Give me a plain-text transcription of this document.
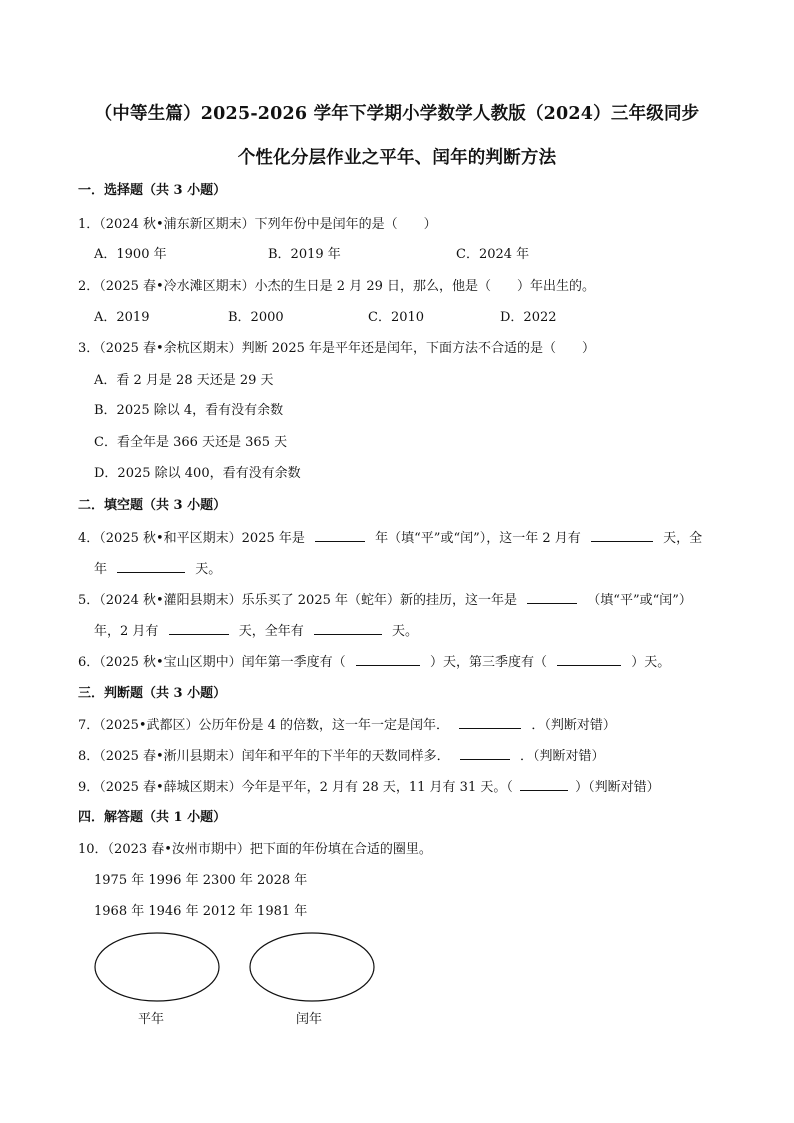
（中等生篇）2025-2026 学年下学期小学数学人教版（2024）三年级同步
个性化分层作业之平年、闰年的判断方法
一．选择题（共 3 小题）
1．（2024 秋•浦东新区期末）下列年份中是闰年的是（　　）
A．1900 年	B．2019 年	C．2024 年
2．（2025 春•冷水滩区期末）小杰的生日是 2 月 29 日，那么，他是（　　）年出生的。
A．2019	B．2000	C．2010	D．2022
3．（2025 春•余杭区期末）判断 2025 年是平年还是闰年，下面方法不合适的是（　　）
A．看 2 月是 28 天还是 29 天
B．2025 除以 4，看有没有余数
C．看全年是 366 天还是 365 天
D．2025 除以 400，看有没有余数
二．填空题（共 3 小题）
4．（2025 秋•和平区期末）2025 年是	年（填“平”或“闰”），这一年 2 月有	天，全
年	天。
5．（2024 秋•灌阳县期末）乐乐买了 2025 年（蛇年）新的挂历，这一年是	（填“平”或“闰”）
年，2 月有	天，全年有	天。
6．（2025 秋•宝山区期中）闰年第一季度有（	）天，第三季度有（	）天。
三．判断题（共 3 小题）
7．（2025•武都区）公历年份是 4 的倍数，这一年一定是闰年．	．（判断对错）
8．（2025 春•淅川县期末）闰年和平年的下半年的天数同样多．	．（判断对错）
9．（2025 春•薛城区期末）今年是平年，2 月有 28 天，11 月有 31 天。（	）（判断对错）
四．解答题（共 1 小题）
10．（2023 春•汝州市期中）把下面的年份填在合适的圈里。
1975 年 1996 年 2300 年 2028 年
1968 年 1946 年 2012 年 1981 年
平年	闰年
